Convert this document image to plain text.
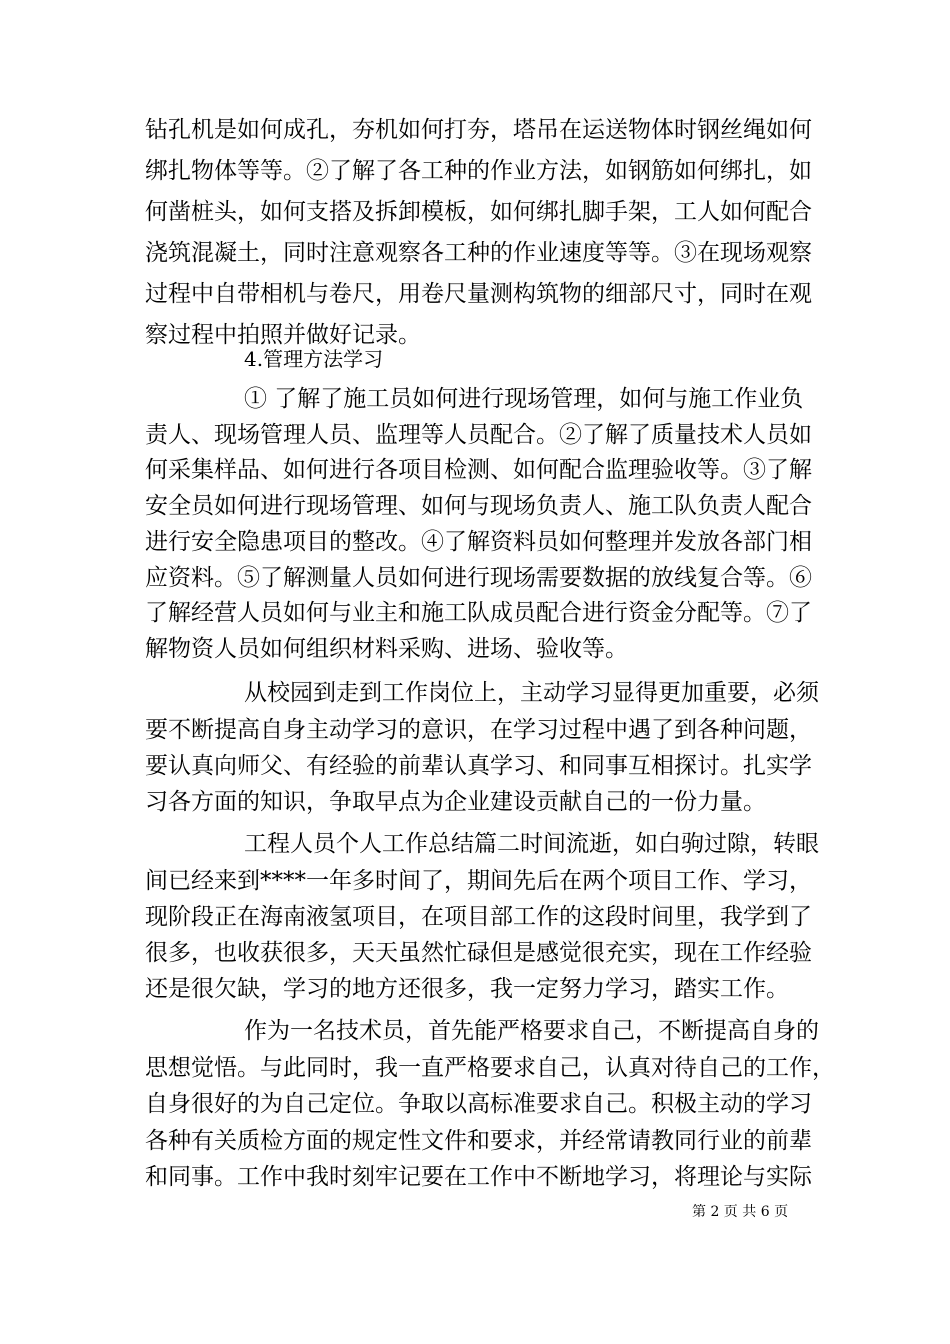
钻孔机是如何成孔，夯机如何打夯，塔吊在运送物体时钢丝绳如何
绑扎物体等等。②了解了各工种的作业方法，如钢筋如何绑扎，如
何凿桩头，如何支搭及拆卸模板，如何绑扎脚手架，工人如何配合
浇筑混凝土，同时注意观察各工种的作业速度等等。③在现场观察
过程中自带相机与卷尺，用卷尺量测构筑物的细部尺寸，同时在观
察过程中拍照并做好记录。
4.管理方法学习
① 了解了施工员如何进行现场管理，如何与施工作业负
责人、现场管理人员、监理等人员配合。②了解了质量技术人员如
何采集样品、如何进行各项目检测、如何配合监理验收等。③了解
安全员如何进行现场管理、如何与现场负责人、施工队负责人配合
进行安全隐患项目的整改。④了解资料员如何整理并发放各部门相
应资料。⑤了解测量人员如何进行现场需要数据的放线复合等。⑥
了解经营人员如何与业主和施工队成员配合进行资金分配等。⑦了
解物资人员如何组织材料采购、进场、验收等。
从校园到走到工作岗位上，主动学习显得更加重要，必须
要不断提高自身主动学习的意识，在学习过程中遇了到各种问题，
要认真向师父、有经验的前辈认真学习、和同事互相探讨。扎实学
习各方面的知识，争取早点为企业建设贡献自己的一份力量。
工程人员个人工作总结篇二时间流逝，如白驹过隙，转眼
间已经来到****一年多时间了，期间先后在两个项目工作、学习，
现阶段正在海南液氢项目，在项目部工作的这段时间里，我学到了
很多，也收获很多，天天虽然忙碌但是感觉很充实，现在工作经验
还是很欠缺，学习的地方还很多，我一定努力学习，踏实工作。
作为一名技术员，首先能严格要求自己，不断提高自身的
思想觉悟。与此同时，我一直严格要求自己，认真对待自己的工作，
自身很好的为自己定位。争取以高标准要求自己。积极主动的学习
各种有关质检方面的规定性文件和要求，并经常请教同行业的前辈
和同事。工作中我时刻牢记要在工作中不断地学习，将理论与实际
第 2 页 共 6 页
